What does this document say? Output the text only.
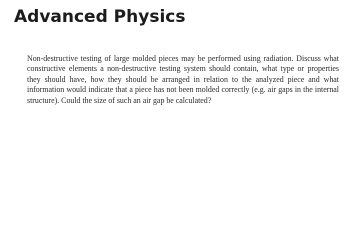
Advanced Physics

Non-destructive testing of large molded pieces may be performed using radiation. Discuss what constructive elements a non-destructive testing system should contain, what type or properties they should have, how they should be arranged in relation to the analyzed piece and what information would indicate that a piece has not been molded correctly (e.g. air gaps in the internal structure). Could the size of such an air gap be calculated?
